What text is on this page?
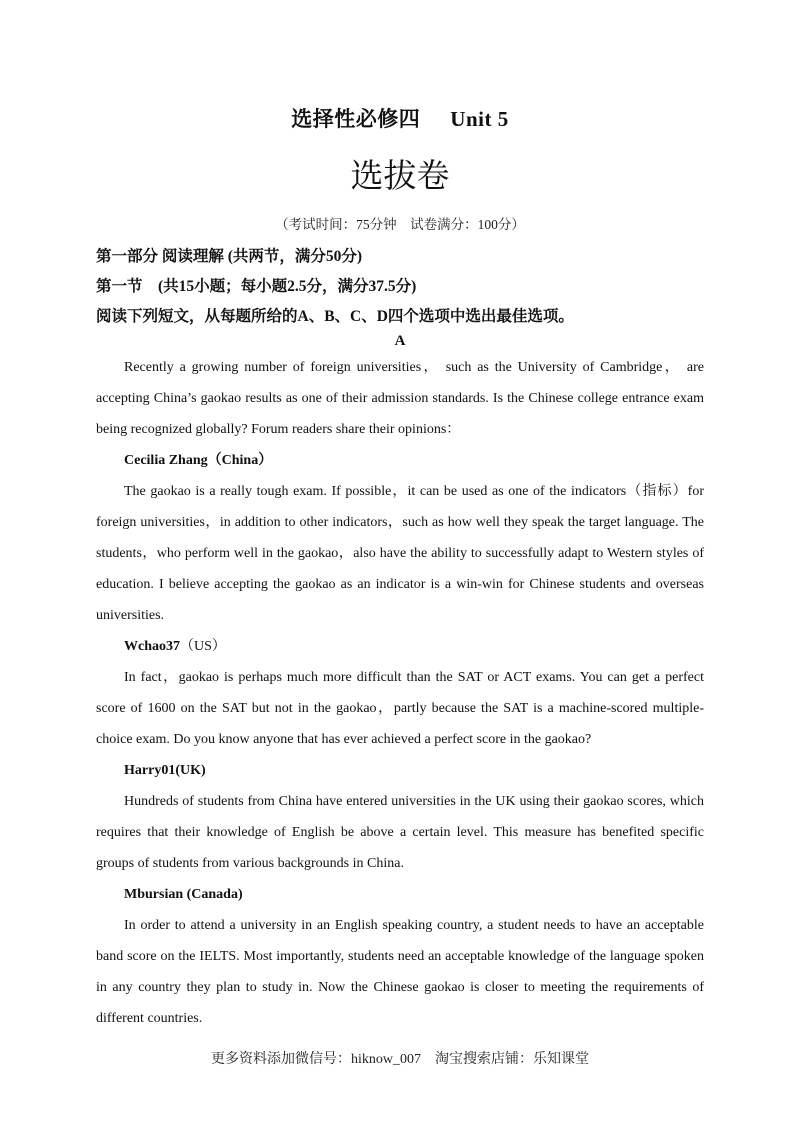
选择性必修四 Unit 5
选拔卷
（考试时间：75分钟　试卷满分：100分）
第一部分 阅读理解 (共两节，满分50分)
第一节　(共15小题；每小题2.5分，满分37.5分)
阅读下列短文，从每题所给的A、B、C、D四个选项中选出最佳选项。
A

Recently a growing number of foreign universities， such as the University of Cambridge， are accepting China’s gaokao results as one of their admission standards. Is the Chinese college entrance exam being recognized globally? Forum readers share their opinions：

Cecilia Zhang（China）

The gaokao is a really tough exam. If possible，it can be used as one of the indicators（指标）for foreign universities，in addition to other indicators，such as how well they speak the target language. The students，who perform well in the gaokao，also have the ability to successfully adapt to Western styles of education. I believe accepting the gaokao as an indicator is a win-win for Chinese students and overseas universities.

Wchao37（US）

In fact，gaokao is perhaps much more difficult than the SAT or ACT exams. You can get a perfect score of 1600 on the SAT but not in the gaokao，partly because the SAT is a machine-scored multiple-choice exam. Do you know anyone that has ever achieved a perfect score in the gaokao?

Harry01(UK)

Hundreds of students from China have entered universities in the UK using their gaokao scores, which requires that their knowledge of English be above a certain level. This measure has benefited specific groups of students from various backgrounds in China.

Mbursian (Canada)

In order to attend a university in an English speaking country, a student needs to have an acceptable band score on the IELTS. Most importantly, students need an acceptable knowledge of the language spoken in any country they plan to study in. Now the Chinese gaokao is closer to meeting the requirements of different countries.

更多资料添加微信号：hiknow_007　淘宝搜索店铺：乐知课堂
